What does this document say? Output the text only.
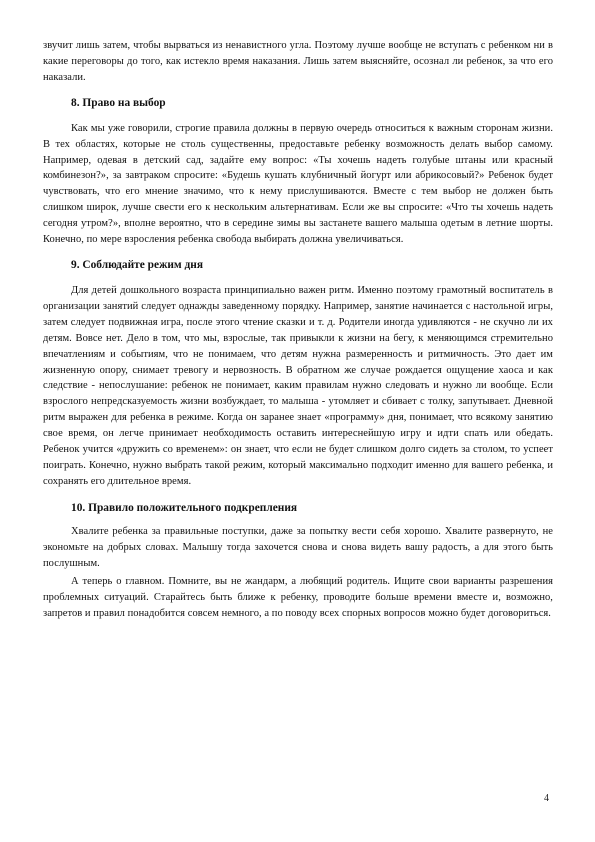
звучит лишь затем, чтобы вырваться из ненавистного угла. Поэтому лучше вообще не вступать с ребенком ни в какие переговоры до того, как истекло время наказания. Лишь затем выясняйте, осознал ли ребенок, за что его наказали.

8. Право на выбор

Как мы уже говорили, строгие правила должны в первую очередь относиться к важным сторонам жизни. В тех областях, которые не столь существенны, предоставьте ребенку возможность делать выбор самому. Например, одевая в детский сад, задайте ему вопрос: «Ты хочешь надеть голубые штаны или красный комбинезон?», за завтраком спросите: «Будешь кушать клубничный йогурт или абрикосовый?» Ребенок будет чувствовать, что его мнение значимо, что к нему прислушиваются. Вместе с тем выбор не должен быть слишком широк, лучше свести его к нескольким альтернативам. Если же вы спросите: «Что ты хочешь надеть сегодня утром?», вполне вероятно, что в середине зимы вы застанете вашего малыша одетым в летние шорты. Конечно, по мере взросления ребенка свобода выбирать должна увеличиваться.

9. Соблюдайте режим дня

Для детей дошкольного возраста принципиально важен ритм. Именно поэтому грамотный воспитатель в организации занятий следует однажды заведенному порядку. Например, занятие начинается с настольной игры, затем следует подвижная игра, после этого чтение сказки и т. д. Родители иногда удивляются - не скучно ли их детям. Вовсе нет. Дело в том, что мы, взрослые, так привыкли к жизни на бегу, к меняющимся стремительно впечатлениям и событиям, что не понимаем, что детям нужна размеренность и ритмичность. Это дает им жизненную опору, снимает тревогу и нервозность. В обратном же случае рождается ощущение хаоса и как следствие - непослушание: ребенок не понимает, каким правилам нужно следовать и нужно ли вообще. Если взрослого непредсказуемость жизни возбуждает, то малыша - утомляет и сбивает с толку, запутывает. Дневной ритм выражен для ребенка в режиме. Когда он заранее знает «программу» дня, понимает, что всякому занятию свое время, он легче принимает необходимость оставить интереснейшую игру и идти спать или обедать. Ребенок учится «дружить со временем»: он знает, что если не будет слишком долго сидеть за столом, то успеет поиграть. Конечно, нужно выбрать такой режим, который максимально подходит именно для вашего ребенка, и сохранять его длительное время.

10. Правило положительного подкрепления

Хвалите ребенка за правильные поступки, даже за попытку вести себя хорошо. Хвалите развернуто, не экономьте на добрых словах. Малышу тогда захочется снова и снова видеть вашу радость, а для этого быть послушным.

А теперь о главном. Помните, вы не жандарм, а любящий родитель. Ищите свои варианты разрешения проблемных ситуаций. Старайтесь быть ближе к ребенку, проводите больше времени вместе и, возможно, запретов и правил понадобится совсем немного, а по поводу всех спорных вопросов можно будет договориться.

4
